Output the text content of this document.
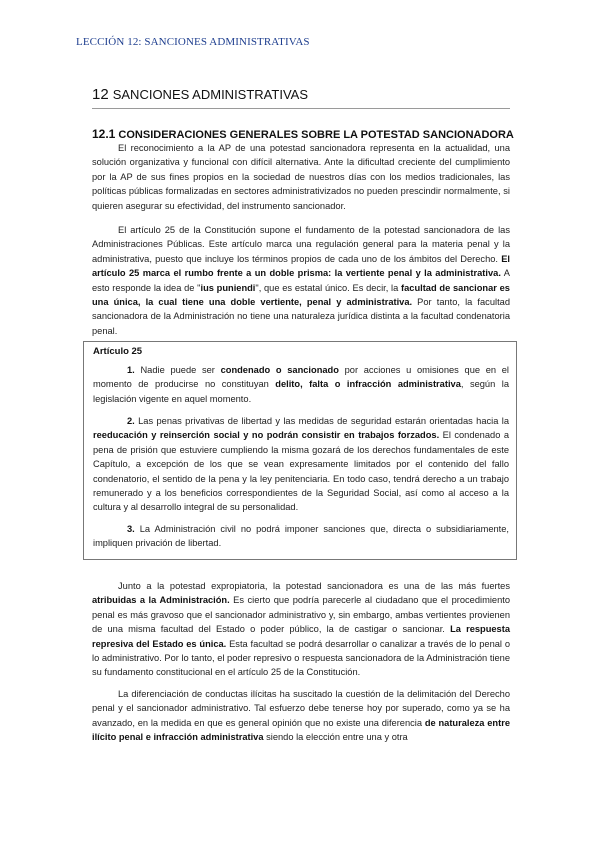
LECCIÓN 12: SANCIONES ADMINISTRATIVAS
12 SANCIONES ADMINISTRATIVAS
12.1 CONSIDERACIONES GENERALES SOBRE LA POTESTAD SANCIONADORA
El reconocimiento a la AP de una potestad sancionadora representa en la actualidad, una solución organizativa y funcional con difícil alternativa. Ante la dificultad creciente del cumplimiento por la AP de sus fines propios en la sociedad de nuestros días con los medios tradicionales, las políticas públicas formalizadas en sectores administrativizados no pueden prescindir normalmente, si quieren asegurar su efectividad, del instrumento sancionador.
El artículo 25 de la Constitución supone el fundamento de la potestad sancionadora de las Administraciones Públicas. Este artículo marca una regulación general para la materia penal y la administrativa, puesto que incluye los términos propios de cada uno de los ámbitos del Derecho. El artículo 25 marca el rumbo frente a un doble prisma: la vertiente penal y la administrativa. A esto responde la idea de "ius puniendi", que es estatal único. Es decir, la facultad de sancionar es una única, la cual tiene una doble vertiente, penal y administrativa. Por tanto, la facultad sancionadora de la Administración no tiene una naturaleza jurídica distinta a la facultad condenatoria penal.
Artículo 25
1. Nadie puede ser condenado o sancionado por acciones u omisiones que en el momento de producirse no constituyan delito, falta o infracción administrativa, según la legislación vigente en aquel momento.
2. Las penas privativas de libertad y las medidas de seguridad estarán orientadas hacia la reeducación y reinserción social y no podrán consistir en trabajos forzados. El condenado a pena de prisión que estuviere cumpliendo la misma gozará de los derechos fundamentales de este Capítulo, a excepción de los que se vean expresamente limitados por el contenido del fallo condenatorio, el sentido de la pena y la ley penitenciaria. En todo caso, tendrá derecho a un trabajo remunerado y a los beneficios correspondientes de la Seguridad Social, así como al acceso a la cultura y al desarrollo integral de su personalidad.
3. La Administración civil no podrá imponer sanciones que, directa o subsidiariamente, impliquen privación de libertad.
Junto a la potestad expropiatoria, la potestad sancionadora es una de las más fuertes atribuidas a la Administración. Es cierto que podría parecerle al ciudadano que el procedimiento penal es más gravoso que el sancionador administrativo y, sin embargo, ambas vertientes provienen de una misma facultad del Estado o poder público, la de castigar o sancionar. La respuesta represiva del Estado es única. Esta facultad se podrá desarrollar o canalizar a través de lo penal o lo administrativo. Por lo tanto, el poder represivo o respuesta sancionadora de la Administración tiene su fundamento constitucional en el artículo 25 de la Constitución.
La diferenciación de conductas ilícitas ha suscitado la cuestión de la delimitación del Derecho penal y el sancionador administrativo. Tal esfuerzo debe tenerse hoy por superado, como ya se ha avanzado, en la medida en que es general opinión que no existe una diferencia de naturaleza entre ilícito penal e infracción administrativa siendo la elección entre una y otra
